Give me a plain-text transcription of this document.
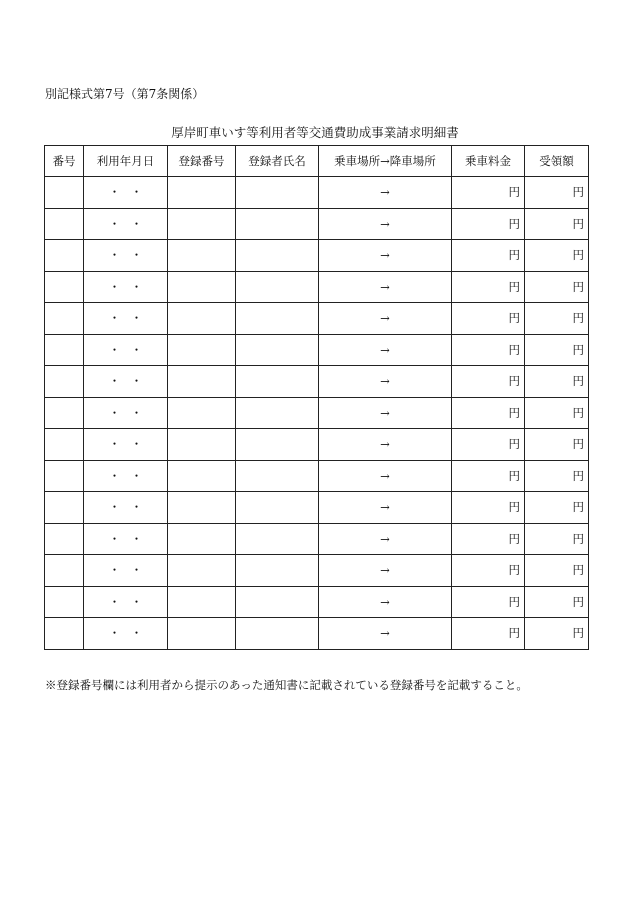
別記様式第7号（第7条関係）
厚岸町車いす等利用者等交通費助成事業請求明細書
番号	利用年月日	登録番号	登録者氏名	乗車場所→降車場所	乗車料金	受領額
	・ ・			→	円	円
	・ ・			→	円	円
	・ ・			→	円	円
	・ ・			→	円	円
	・ ・			→	円	円
	・ ・			→	円	円
	・ ・			→	円	円
	・ ・			→	円	円
	・ ・			→	円	円
	・ ・			→	円	円
	・ ・			→	円	円
	・ ・			→	円	円
	・ ・			→	円	円
	・ ・			→	円	円
	・ ・			→	円	円
※登録番号欄には利用者から提示のあった通知書に記載されている登録番号を記載すること。
